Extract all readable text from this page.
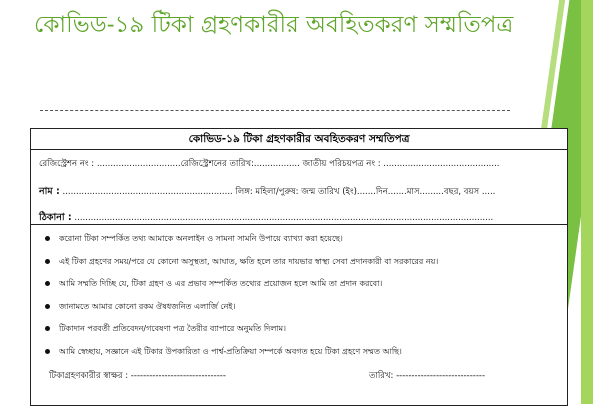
কোভিড-১৯ টিকা গ্রহণকারীর অবহিতকরণ সম্মতিপত্র
কোভিড-১৯ টিকা গ্রহণকারীর অবহিতকরণ সম্মতিপত্র
রেজিস্ট্রেশন নং : ...............................রেজিস্ট্রেশনের তারিখ:................. জাতীয় পরিচয়পত্র নং : ...........................................
নাম : ............................................................... লিঙ্গ: মহিলা/পুরুষ: জন্ম তারিখ (ইং).......দিন.......মাস.........বছর, বয়স .....
ঠিকানা : ...........................................................................................................................................................
করোনা টিকা সম্পর্কিত তথ্য আমাকে অনলাইন ও সামনা সামনি উপায়ে ব্যাখ্যা করা হয়েছে।
এই টিকা গ্রহণের সময়/পরে যে কোনো অসুস্থতা, আঘাত, ক্ষতি হলে তার দায়ভার স্বাস্থ্য সেবা প্রদানকারী বা সরকারের নয়।
আমি সম্মতি দিচ্ছি যে, টিকা গ্রহণ ও এর প্রভাব সম্পর্কিত তথ্যের প্রয়োজন হলে আমি তা প্রদান করবো।
জানামতে আমার কোনো রকম ঔষধজনিত এলার্জি নেই।
টিকাদান পরবর্তী প্রতিবেদন/গবেষণা পত্র তৈরীর ব্যাপারে অনুমতি দিলাম।
আমি স্বেচ্ছায়, সজ্ঞানে এই টিকার উপকারিতা ও পার্শ্ব-প্রতিক্রিয়া সম্পর্কে অবগত হয়ে টিকা গ্রহণে সম্মত আছি।
টিকাগ্রহণকারীর স্বাক্ষর : -------------------------------	তারিখ: -----------------------------
